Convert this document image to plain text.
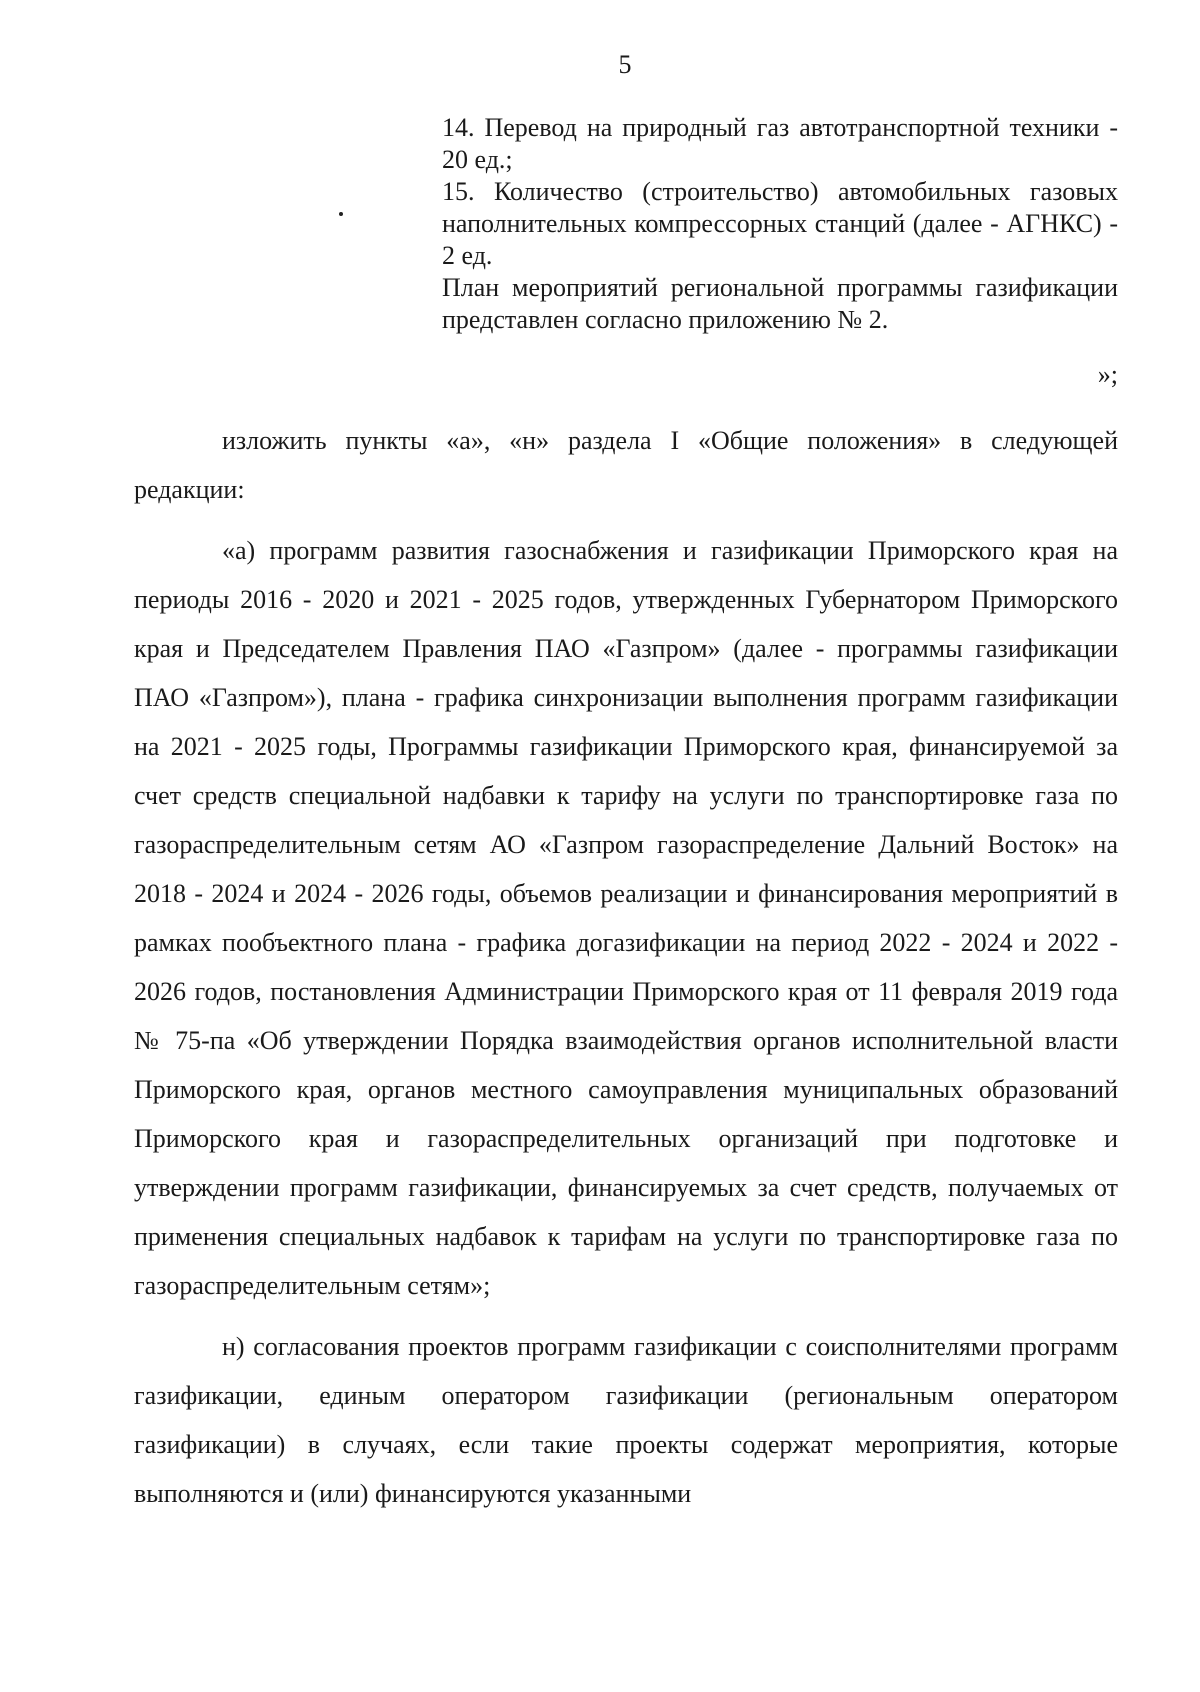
5

14. Перевод на природный газ автотранспортной техники - 20 ед.;

15. Количество (строительство) автомобильных газовых наполнительных компрессорных станций (далее - АГНКС) - 2 ед.

План мероприятий региональной программы газификации представлен согласно приложению № 2.

»;

изложить пункты «а», «н» раздела I «Общие положения» в следующей редакции:

«а) программ развития газоснабжения и газификации Приморского края на периоды 2016 - 2020 и 2021 - 2025 годов, утвержденных Губернатором Приморского края и Председателем Правления ПАО «Газпром» (далее - программы газификации ПАО «Газпром»), плана - графика синхронизации выполнения программ газификации на 2021 - 2025 годы, Программы газификации Приморского края, финансируемой за счет средств специальной надбавки к тарифу на услуги по транспортировке газа по газораспределительным сетям АО «Газпром газораспределение Дальний Восток» на 2018 - 2024 и 2024 - 2026 годы, объемов реализации и финансирования мероприятий в рамках пообъектного плана - графика догазификации на период 2022 - 2024 и 2022 - 2026 годов, постановления Администрации Приморского края от 11 февраля 2019 года № 75-па «Об утверждении Порядка взаимодействия органов исполнительной власти Приморского края, органов местного самоуправления муниципальных образований Приморского края и газораспределительных организаций при подготовке и утверждении программ газификации, финансируемых за счет средств, получаемых от применения специальных надбавок к тарифам на услуги по транспортировке газа по газораспределительным сетям»;

н) согласования проектов программ газификации с соисполнителями программ газификации, единым оператором газификации (региональным оператором газификации) в случаях, если такие проекты содержат мероприятия, которые выполняются и (или) финансируются указанными
